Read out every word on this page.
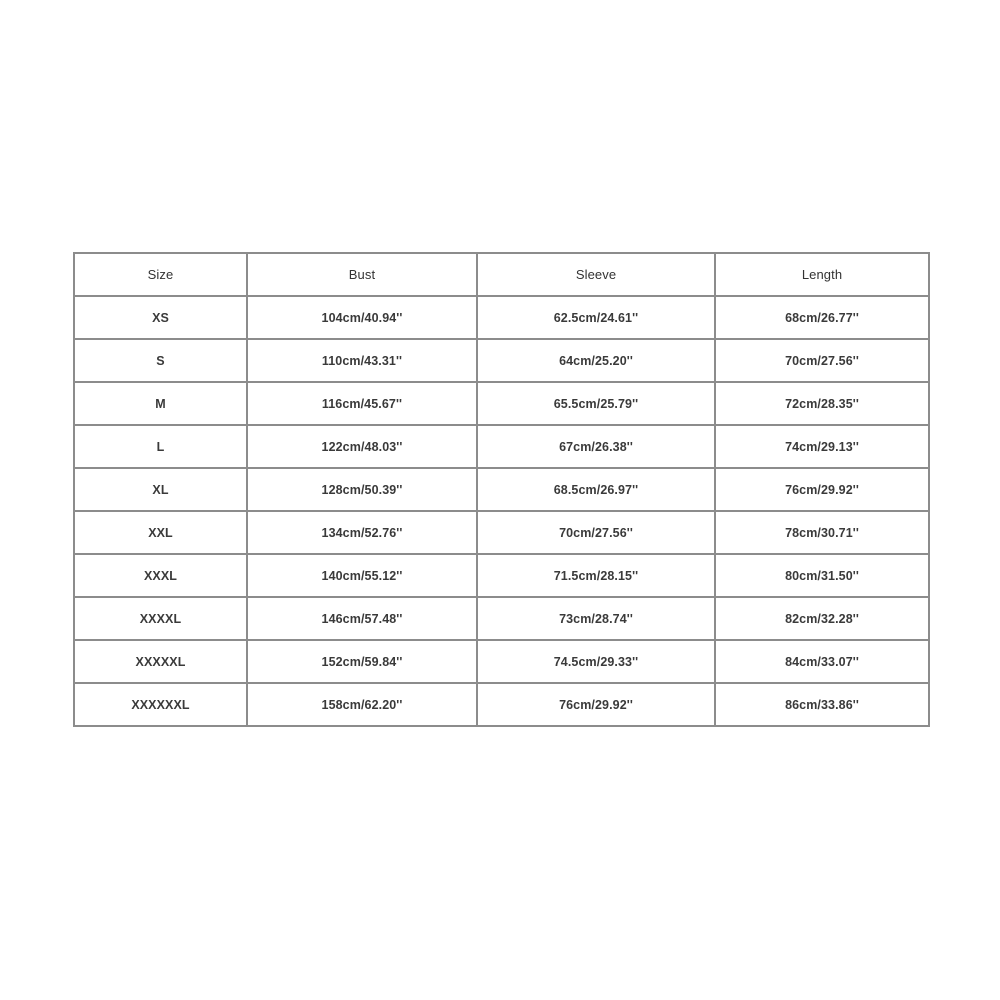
Size	Bust	Sleeve	Length
XS	104cm/40.94''	62.5cm/24.61''	68cm/26.77''
S	110cm/43.31''	64cm/25.20''	70cm/27.56''
M	116cm/45.67''	65.5cm/25.79''	72cm/28.35''
L	122cm/48.03''	67cm/26.38''	74cm/29.13''
XL	128cm/50.39''	68.5cm/26.97''	76cm/29.92''
XXL	134cm/52.76''	70cm/27.56''	78cm/30.71''
XXXL	140cm/55.12''	71.5cm/28.15''	80cm/31.50''
XXXXL	146cm/57.48''	73cm/28.74''	82cm/32.28''
XXXXXL	152cm/59.84''	74.5cm/29.33''	84cm/33.07''
XXXXXXL	158cm/62.20''	76cm/29.92''	86cm/33.86''
